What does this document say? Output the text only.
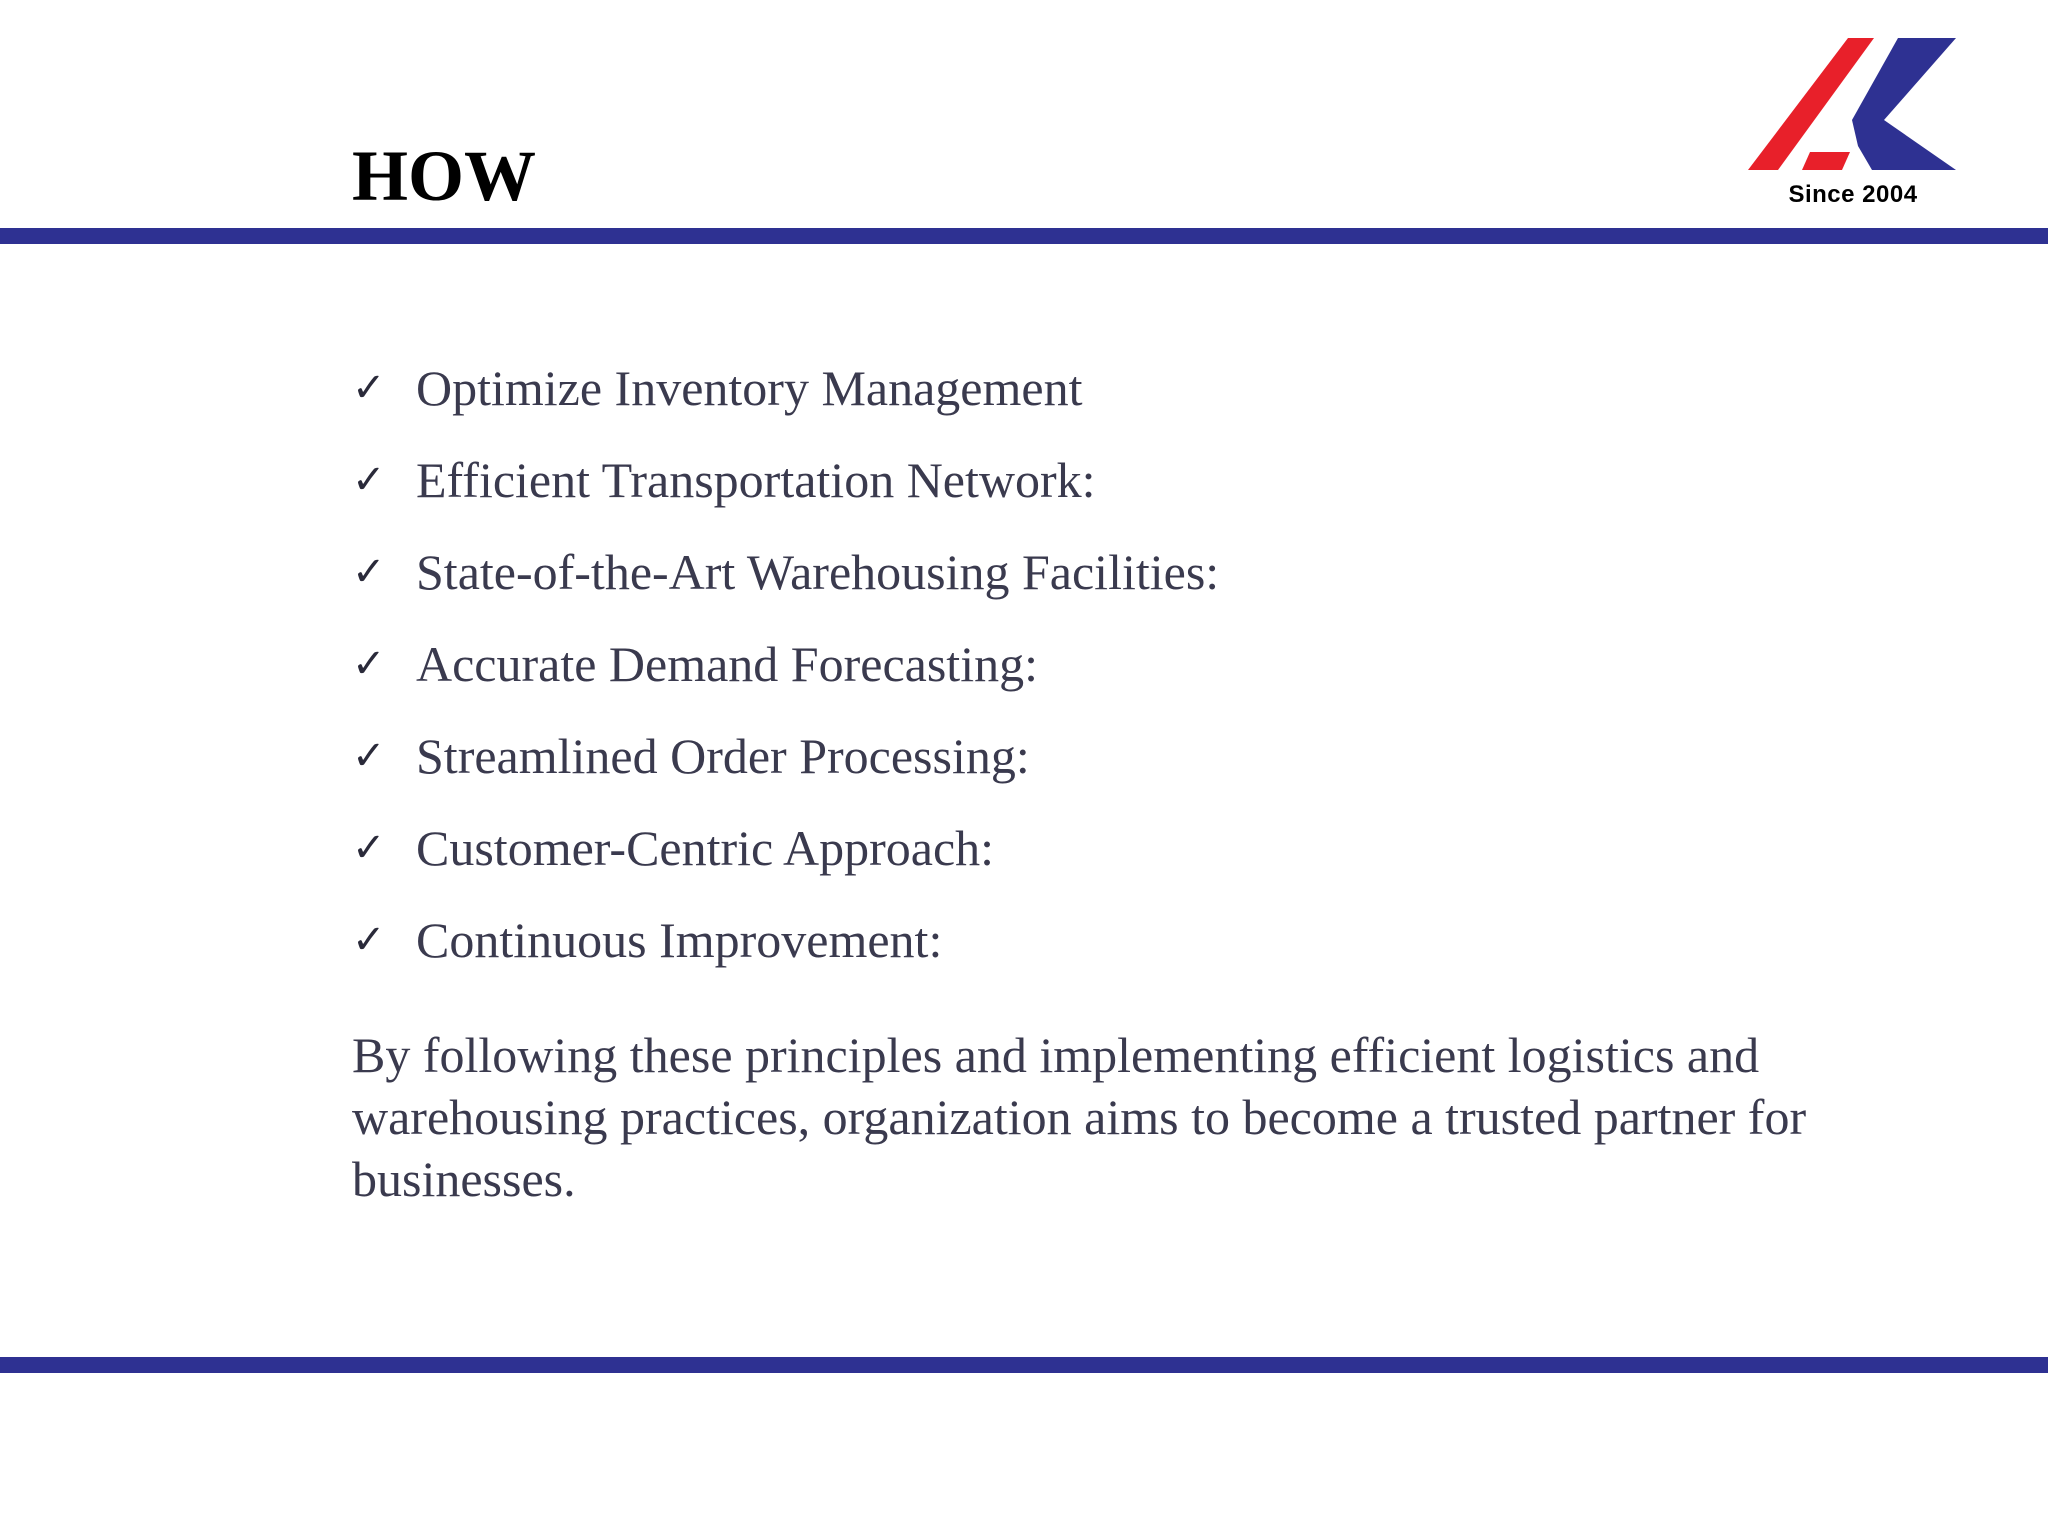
HOW	Since 2004
✓ Optimize Inventory Management
✓ Efficient Transportation Network:
✓ State-of-the-Art Warehousing Facilities:
✓ Accurate Demand Forecasting:
✓ Streamlined Order Processing:
✓ Customer-Centric Approach:
✓ Continuous Improvement:

By following these principles and implementing efficient logistics and warehousing practices, organization aims to become a trusted partner for businesses.
